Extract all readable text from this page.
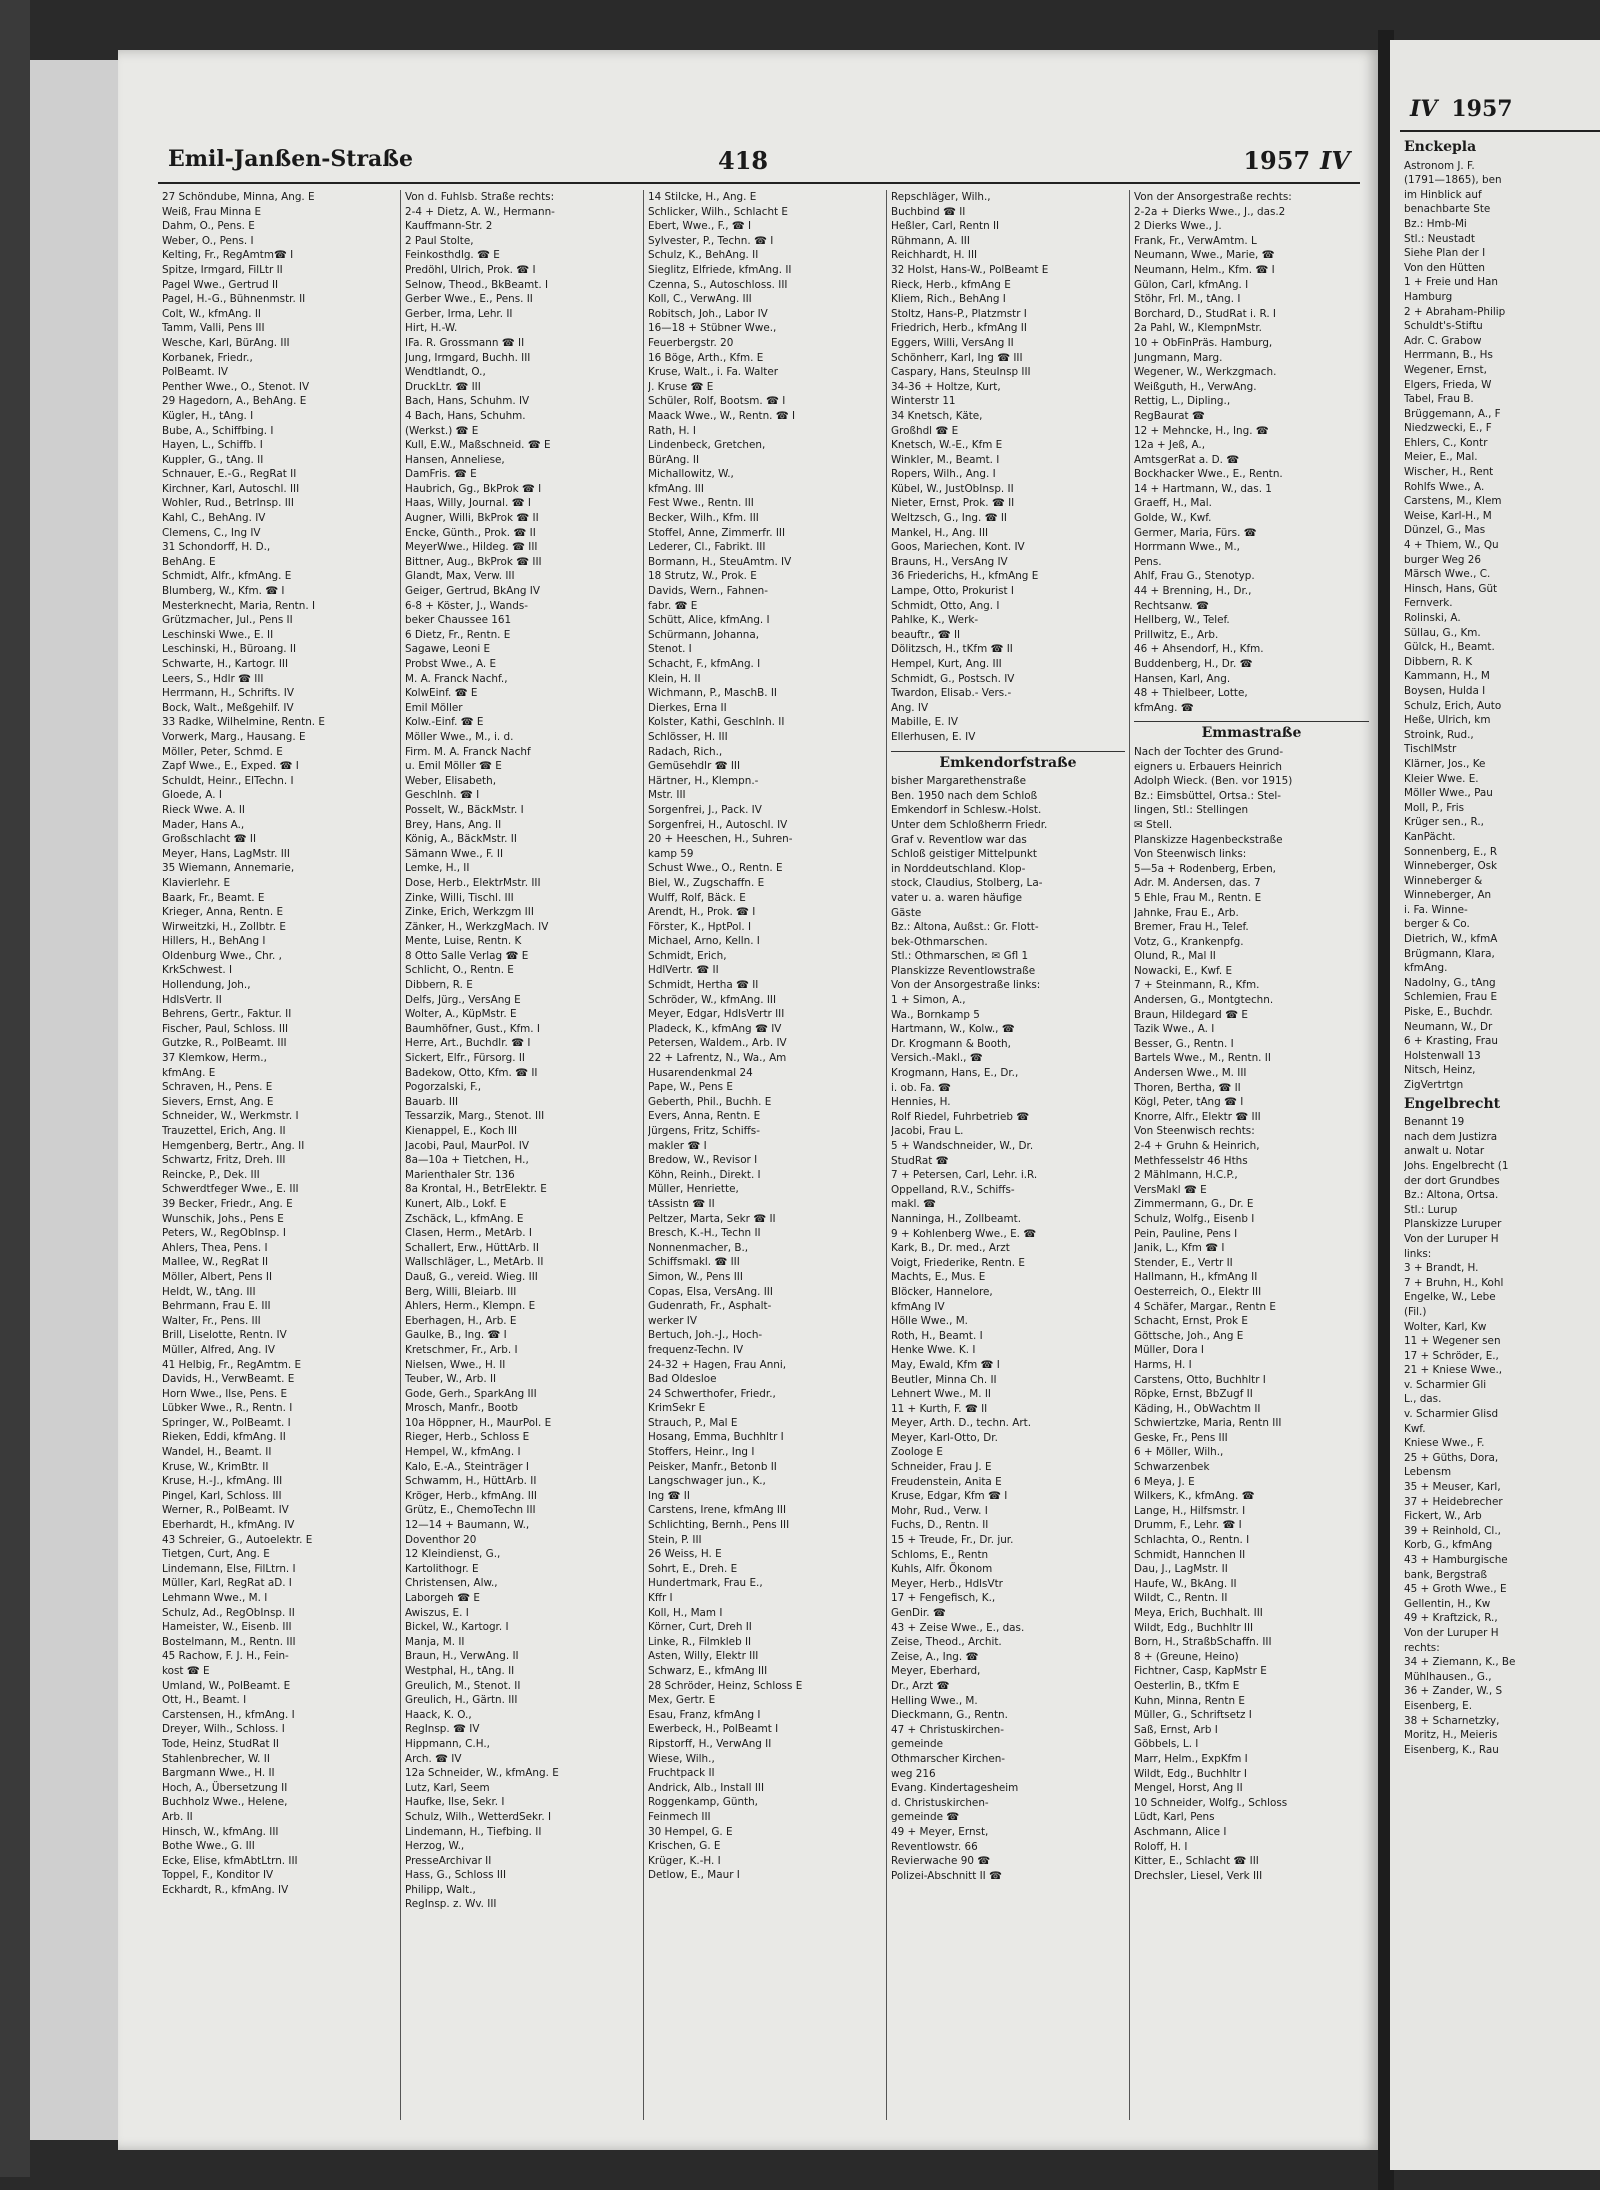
Emil-Janßen-Straße	418	1957 IV
27 Schöndube, Minna, Ang. E
Weiß, Frau Minna E
Dahm, O., Pens. E
Weber, O., Pens. I
Kelting, Fr., RegAmtm☎ I
Spitze, Irmgard, FilLtr II
Pagel Wwe., Gertrud II
Pagel, H.-G., Bühnenmstr. II
Colt, W., kfmAng. II
Tamm, Valli, Pens III
Wesche, Karl, BürAng. III
Korbanek, Friedr.,
PolBeamt. IV
Penther Wwe., O., Stenot. IV
29 Hagedorn, A., BehAng. E
Kügler, H., tAng. I
Bube, A., Schiffbing. I
Hayen, L., Schiffb. I
Kuppler, G., tAng. II
Schnauer, E.-G., RegRat II
Kirchner, Karl, Autoschl. III
Wohler, Rud., BetrInsp. III
Kahl, C., BehAng. IV
Clemens, C., Ing IV
31 Schondorff, H. D.,
BehAng. E
Schmidt, Alfr., kfmAng. E
Blumberg, W., Kfm. ☎ I
Mesterknecht, Maria, Rentn. I
Grützmacher, Jul., Pens II
Leschinski Wwe., E. II
Leschinski, H., Büroang. II
Schwarte, H., Kartogr. III
Leers, S., Hdlr ☎ III
Herrmann, H., Schrifts. IV
Bock, Walt., Meßgehilf. IV
33 Radke, Wilhelmine, Rentn. E
Vorwerk, Marg., Hausang. E
Möller, Peter, Schmd. E
Zapf Wwe., E., Exped. ☎ I
Schuldt, Heinr., ElTechn. I
Gloede, A. I
Rieck Wwe. A. II
Mader, Hans A.,
Großschlacht ☎ II
Meyer, Hans, LagMstr. III
35 Wiemann, Annemarie,
Klavierlehr. E
Baark, Fr., Beamt. E
Krieger, Anna, Rentn. E
Wirweitzki, H., Zollbtr. E
Hillers, H., BehAng I
Oldenburg Wwe., Chr. ,
KrkSchwest. I
Hollendung, Joh.,
HdlsVertr. II
Behrens, Gertr., Faktur. II
Fischer, Paul, Schloss. III
Gutzke, R., PolBeamt. III
37 Klemkow, Herm.,
kfmAng. E
Schraven, H., Pens. E
Sievers, Ernst, Ang. E
Schneider, W., Werkmstr. I
Trauzettel, Erich, Ang. II
Hemgenberg, Bertr., Ang. II
Schwartz, Fritz, Dreh. III
Reincke, P., Dek. III
Schwerdtfeger Wwe., E. III
39 Becker, Friedr., Ang. E
Wunschik, Johs., Pens E
Peters, W., RegObInsp. I
Ahlers, Thea, Pens. I
Mallee, W., RegRat II
Möller, Albert, Pens II
Heldt, W., tAng. III
Behrmann, Frau E. III
Walter, Fr., Pens. III
Brill, Liselotte, Rentn. IV
Müller, Alfred, Ang. IV
41 Helbig, Fr., RegAmtm. E
Davids, H., VerwBeamt. E
Horn Wwe., Ilse, Pens. E
Lübker Wwe., R., Rentn. I
Springer, W., PolBeamt. I
Rieken, Eddi, kfmAng. II
Wandel, H., Beamt. II
Kruse, W., KrimBtr. II
Kruse, H.-J., kfmAng. III
Pingel, Karl, Schloss. III
Werner, R., PolBeamt. IV
Eberhardt, H., kfmAng. IV
43 Schreier, G., Autoelektr. E
Tietgen, Curt, Ang. E
Lindemann, Else, FilLtrn. I
Müller, Karl, RegRat aD. I
Lehmann Wwe., M. I
Schulz, Ad., RegObInsp. II
Hameister, W., Eisenb. III
Bostelmann, M., Rentn. III
45 Rachow, F. J. H., Fein-
kost ☎ E
Umland, W., PolBeamt. E
Ott, H., Beamt. I
Carstensen, H., kfmAng. I
Dreyer, Wilh., Schloss. I
Tode, Heinz, StudRat II
Stahlenbrecher, W. II
Bargmann Wwe., H. II
Hoch, A., Übersetzung II
Buchholz Wwe., Helene,
Arb. II
Hinsch, W., kfmAng. III
Bothe Wwe., G. III
Ecke, Elise, kfmAbtLtrn. III
Toppel, F., Konditor IV
Eckhardt, R., kfmAng. IV
Von d. Fuhlsb. Straße rechts:
2-4 + Dietz, A. W., Hermann-
Kauffmann-Str. 2
2 Paul Stolte,
Feinkosthdlg. ☎ E
Predöhl, Ulrich, Prok. ☎ I
Selnow, Theod., BkBeamt. I
Gerber Wwe., E., Pens. II
Gerber, Irma, Lehr. II
Hirt, H.-W.
IFa. R. Grossmann ☎ II
Jung, Irmgard, Buchh. III
Wendtlandt, O.,
DruckLtr. ☎ III
Bach, Hans, Schuhm. IV
4 Bach, Hans, Schuhm.
(Werkst.) ☎ E
Kull, E.W., Maßschneid. ☎ E
Hansen, Anneliese,
DamFris. ☎ E
Haubrich, Gg., BkProk ☎ I
Haas, Willy, Journal. ☎ I
Augner, Willi, BkProk ☎ II
Encke, Günth., Prok. ☎ II
MeyerWwe., Hildeg. ☎ III
Bittner, Aug., BkProk ☎ III
Glandt, Max, Verw. III
Geiger, Gertrud, BkAng IV
6-8 + Köster, J., Wands-
beker Chaussee 161
6 Dietz, Fr., Rentn. E
Sagawe, Leoni E
Probst Wwe., A. E
M. A. Franck Nachf.,
KolwEinf. ☎ E
Emil Möller
Kolw.-Einf. ☎ E
Möller Wwe., M., i. d.
Firm. M. A. Franck Nachf
u. Emil Möller ☎ E
Weber, Elisabeth,
Geschlnh. ☎ I
Posselt, W., BäckMstr. I
Brey, Hans, Ang. II
König, A., BäckMstr. II
Sämann Wwe., F. II
Lemke, H., II
Dose, Herb., ElektrMstr. III
Zinke, Willi, Tischl. III
Zinke, Erich, Werkzgm III
Zänker, H., WerkzgMach. IV
Mente, Luise, Rentn. K
8 Otto Salle Verlag ☎ E
Schlicht, O., Rentn. E
Dibbern, R. E
Delfs, Jürg., VersAng E
Wolter, A., KüpMstr. E
Baumhöfner, Gust., Kfm. I
Herre, Art., Buchdlr. ☎ I
Sickert, Elfr., Fürsorg. II
Badekow, Otto, Kfm. ☎ II
Pogorzalski, F.,
Bauarb. III
Tessarzik, Marg., Stenot. III
Kienappel, E., Koch III
Jacobi, Paul, MaurPol. IV
8a—10a + Tietchen, H.,
Marienthaler Str. 136
8a Krontal, H., BetrElektr. E
Kunert, Alb., Lokf. E
Zschäck, L., kfmAng. E
Clasen, Herm., MetArb. I
Schallert, Erw., HüttArb. II
Wallschläger, L., MetArb. II
Dauß, G., vereid. Wieg. III
Berg, Willi, Bleiarb. III
Ahlers, Herm., Klempn. E
Eberhagen, H., Arb. E
Gaulke, B., Ing. ☎ I
Kretschmer, Fr., Arb. I
Nielsen, Wwe., H. II
Teuber, W., Arb. II
Gode, Gerh., SparkAng III
Mrosch, Manfr., Bootb
10a Höppner, H., MaurPol. E
Rieger, Herb., Schloss E
Hempel, W., kfmAng. I
Kalo, E.-A., Steinträger I
Schwamm, H., HüttArb. II
Kröger, Herb., kfmAng. III
Grütz, E., ChemoTechn III
12—14 + Baumann, W.,
Doventhor 20
12 Kleindienst, G.,
Kartolithogr. E
Christensen, Alw.,
Laborgeh ☎ E
Awiszus, E. I
Bickel, W., Kartogr. I
Manja, M. II
Braun, H., VerwAng. II
Westphal, H., tAng. II
Greulich, M., Stenot. II
Greulich, H., Gärtn. III
Haack, K. O.,
RegInsp. ☎ IV
Hippmann, C.H.,
Arch. ☎ IV
12a Schneider, W., kfmAng. E
Lutz, Karl, Seem
Haufke, Ilse, Sekr. I
Schulz, Wilh., WetterdSekr. I
Lindemann, H., Tiefbing. II
Herzog, W.,
PresseArchivar II
Hass, G., Schloss III
Philipp, Walt.,
RegInsp. z. Wv. III
14 Stilcke, H., Ang. E
Schlicker, Wilh., Schlacht E
Ebert, Wwe., F., ☎ I
Sylvester, P., Techn. ☎ I
Schulz, K., BehAng. II
Sieglitz, Elfriede, kfmAng. II
Czenna, S., Autoschloss. III
Koll, C., VerwAng. III
Robitsch, Joh., Labor IV
16—18 + Stübner Wwe.,
Feuerbergstr. 20
16 Böge, Arth., Kfm. E
Kruse, Walt., i. Fa. Walter
J. Kruse ☎ E
Schüler, Rolf, Bootsm. ☎ I
Maack Wwe., W., Rentn. ☎ I
Rath, H. I
Lindenbeck, Gretchen,
BürAng. II
Michallowitz, W.,
kfmAng. III
Fest Wwe., Rentn. III
Becker, Wilh., Kfm. III
Stoffel, Anne, Zimmerfr. III
Lederer, Cl., Fabrikt. III
Bormann, H., SteuAmtm. IV
18 Strutz, W., Prok. E
Davids, Wern., Fahnen-
fabr. ☎ E
Schütt, Alice, kfmAng. I
Schürmann, Johanna,
Stenot. I
Schacht, F., kfmAng. I
Klein, H. II
Wichmann, P., MaschB. II
Dierkes, Erna II
Kolster, Kathi, Geschlnh. II
Schlösser, H. III
Radach, Rich.,
Gemüsehdlr ☎ III
Härtner, H., Klempn.-
Mstr. III
Sorgenfrei, J., Pack. IV
Sorgenfrei, H., Autoschl. IV
20 + Heeschen, H., Suhren-
kamp 59
Schust Wwe., O., Rentn. E
Biel, W., Zugschaffn. E
Wulff, Rolf, Bäck. E
Arendt, H., Prok. ☎ I
Förster, K., HptPol. I
Michael, Arno, Kelln. I
Schmidt, Erich,
HdlVertr. ☎ II
Schmidt, Hertha ☎ II
Schröder, W., kfmAng. III
Meyer, Edgar, HdlsVertr III
Pladeck, K., kfmAng ☎ IV
Petersen, Waldem., Arb. IV
22 + Lafrentz, N., Wa., Am
Husarendenkmal 24
Pape, W., Pens E
Geberth, Phil., Buchh. E
Evers, Anna, Rentn. E
Jürgens, Fritz, Schiffs-
makler ☎ I
Bredow, W., Revisor I
Köhn, Reinh., Direkt. I
Müller, Henriette,
tAssistn ☎ II
Peltzer, Marta, Sekr ☎ II
Bresch, K.-H., Techn II
Nonnenmacher, B.,
Schiffsmakl. ☎ III
Simon, W., Pens III
Copas, Elsa, VersAng. III
Gudenrath, Fr., Asphalt-
werker IV
Bertuch, Joh.-J., Hoch-
frequenz-Techn. IV
24-32 + Hagen, Frau Anni,
Bad Oldesloe
24 Schwerthofer, Friedr.,
KrimSekr E
Strauch, P., Mal E
Hosang, Emma, Buchhltr I
Stoffers, Heinr., Ing I
Peisker, Manfr., Betonb II
Langschwager jun., K.,
Ing ☎ II
Carstens, Irene, kfmAng III
Schlichting, Bernh., Pens III
Stein, P. III
26 Weiss, H. E
Sohrt, E., Dreh. E
Hundertmark, Frau E.,
Kffr I
Koll, H., Mam I
Körner, Curt, Dreh II
Linke, R., Filmkleb II
Asten, Willy, Elektr III
Schwarz, E., kfmAng III
28 Schröder, Heinz, Schloss E
Mex, Gertr. E
Esau, Franz, kfmAng I
Ewerbeck, H., PolBeamt I
Ripstorff, H., VerwAng II
Wiese, Wilh.,
Fruchtpack II
Andrick, Alb., Install III
Roggenkamp, Günth,
Feinmech III
30 Hempel, G. E
Krischen, G. E
Krüger, K.-H. I
Detlow, E., Maur I
Repschläger, Wilh.,
Buchbind ☎ II
Heßler, Carl, Rentn II
Rühmann, A. III
Reichhardt, H. III
32 Holst, Hans-W., PolBeamt E
Rieck, Herb., kfmAng E
Kliem, Rich., BehAng I
Stoltz, Hans-P., Platzmstr I
Friedrich, Herb., kfmAng II
Eggers, Willi, VersAng II
Schönherr, Karl, Ing ☎ III
Caspary, Hans, SteuInsp III
34-36 + Holtze, Kurt,
Winterstr 11
34 Knetsch, Käte,
Großhdl ☎ E
Knetsch, W.-E., Kfm E
Winkler, M., Beamt. I
Ropers, Wilh., Ang. I
Kübel, W., JustObInsp. II
Nieter, Ernst, Prok. ☎ II
Weltzsch, G., Ing. ☎ II
Mankel, H., Ang. III
Goos, Mariechen, Kont. IV
Brauns, H., VersAng IV
36 Friederichs, H., kfmAng E
Lampe, Otto, Prokurist I
Schmidt, Otto, Ang. I
Pahlke, K., Werk-
beauftr., ☎ II
Dölitzsch, H., tKfm ☎ II
Hempel, Kurt, Ang. III
Schmidt, G., Postsch. IV
Twardon, Elisab.- Vers.-
Ang. IV
Mabille, E. IV
Ellerhusen, E. IV
Emkendorfstraße
bisher Margarethenstraße
Ben. 1950 nach dem Schloß
Emkendorf in Schlesw.-Holst.
Unter dem Schloßherrn Friedr.
Graf v. Reventlow war das
Schloß geistiger Mittelpunkt
in Norddeutschland. Klop-
stock, Claudius, Stolberg, La-
vater u. a. waren häufige
Gäste
Bz.: Altona, Außst.: Gr. Flott-
bek-Othmarschen.
Stl.: Othmarschen, ✉ Gfl 1
Planskizze Reventlowstraße
Von der Ansorgestraße links:
1 + Simon, A.,
Wa., Bornkamp 5
Hartmann, W., Kolw., ☎
Dr. Krogmann & Booth,
Versich.-Makl., ☎
Krogmann, Hans, E., Dr.,
i. ob. Fa. ☎
Hennies, H.
Rolf Riedel, Fuhrbetrieb ☎
Jacobi, Frau L.
5 + Wandschneider, W., Dr.
StudRat ☎
7 + Petersen, Carl, Lehr. i.R.
Oppelland, R.V., Schiffs-
makl. ☎
Nanninga, H., Zollbeamt.
9 + Kohlenberg Wwe., E. ☎
Kark, B., Dr. med., Arzt
Voigt, Friederike, Rentn. E
Machts, E., Mus. E
Blöcker, Hannelore,
kfmAng IV
Hölle Wwe., M.
Roth, H., Beamt. I
Henke Wwe. K. I
May, Ewald, Kfm ☎ I
Beutler, Minna Ch. II
Lehnert Wwe., M. II
11 + Kurth, F. ☎ II
Meyer, Arth. D., techn. Art.
Meyer, Karl-Otto, Dr.
Zoologe E
Schneider, Frau J. E
Freudenstein, Anita E
Kruse, Edgar, Kfm ☎ I
Mohr, Rud., Verw. I
Fuchs, D., Rentn. II
15 + Treude, Fr., Dr. jur.
Schloms, E., Rentn
Kuhls, Alfr. Ökonom
Meyer, Herb., HdlsVtr
17 + Fengefisch, K.,
GenDir. ☎
43 + Zeise Wwe., E., das.
Zeise, Theod., Archit.
Zeise, A., Ing. ☎
Meyer, Eberhard,
Dr., Arzt ☎
Helling Wwe., M.
Dieckmann, G., Rentn.
47 + Christuskirchen-
gemeinde
Othmarscher Kirchen-
weg 216
Evang. Kindertagesheim
d. Christuskirchen-
gemeinde ☎
49 + Meyer, Ernst,
Reventlowstr. 66
Revierwache 90 ☎
Polizei-Abschnitt II ☎
Von der Ansorgestraße rechts:
2-2a + Dierks Wwe., J., das.2
2 Dierks Wwe., J.
Frank, Fr., VerwAmtm. L
Neumann, Wwe., Marie, ☎
Neumann, Helm., Kfm. ☎ I
Gülon, Carl, kfmAng. I
Stöhr, Frl. M., tAng. I
Borchard, D., StudRat i. R. I
2a Pahl, W., KlempnMstr.
10 + ObFinPräs. Hamburg,
Jungmann, Marg.
Wegener, W., Werkzgmach.
Weißguth, H., VerwAng.
Rettig, L., Dipling.,
RegBaurat ☎
12 + Mehncke, H., Ing. ☎
12a + Jeß, A.,
AmtsgerRat a. D. ☎
Bockhacker Wwe., E., Rentn.
14 + Hartmann, W., das. 1
Graeff, H., Mal.
Golde, W., Kwf.
Germer, Maria, Fürs. ☎
Horrmann Wwe., M.,
Pens.
Ahlf, Frau G., Stenotyp.
44 + Brenning, H., Dr.,
Rechtsanw. ☎
Hellberg, W., Telef.
Prillwitz, E., Arb.
46 + Ahsendorf, H., Kfm.
Buddenberg, H., Dr. ☎
Hansen, Karl, Ang.
48 + Thielbeer, Lotte,
kfmAng. ☎
Emmastraße
Nach der Tochter des Grund-
eigners u. Erbauers Heinrich
Adolph Wieck. (Ben. vor 1915)
Bz.: Eimsbüttel, Ortsa.: Stel-
lingen, Stl.: Stellingen
✉ Stell.
Planskizze Hagenbeckstraße
Von Steenwisch links:
5—5a + Rodenberg, Erben,
Adr. M. Andersen, das. 7
5 Ehle, Frau M., Rentn. E
Jahnke, Frau E., Arb.
Bremer, Frau H., Telef.
Votz, G., Krankenpfg.
Olund, R., Mal II
Nowacki, E., Kwf. E
7 + Steinmann, R., Kfm.
Andersen, G., Montgtechn.
Braun, Hildegard ☎ E
Tazik Wwe., A. I
Besser, G., Rentn. I
Bartels Wwe., M., Rentn. II
Andersen Wwe., M. III
Thoren, Bertha, ☎ II
Kögl, Peter, tAng ☎ I
Knorre, Alfr., Elektr ☎ III
Von Steenwisch rechts:
2-4 + Gruhn & Heinrich,
Methfesselstr 46 Hths
2 Mählmann, H.C.P.,
VersMakl ☎ E
Zimmermann, G., Dr. E
Schulz, Wolfg., Eisenb I
Pein, Pauline, Pens I
Janik, L., Kfm ☎ I
Stender, E., Vertr II
Hallmann, H., kfmAng II
Oesterreich, O., Elektr III
4 Schäfer, Margar., Rentn E
Schacht, Ernst, Prok E
Göttsche, Joh., Ang E
Müller, Dora I
Harms, H. I
Carstens, Otto, Buchhltr I
Röpke, Ernst, BbZugf II
Käding, H., ObWachtm II
Schwiertzke, Maria, Rentn III
Geske, Fr., Pens III
6 + Möller, Wilh.,
Schwarzenbek
6 Meya, J. E
Wilkers, K., kfmAng. ☎
Lange, H., Hilfsmstr. I
Drumm, F., Lehr. ☎ I
Schlachta, O., Rentn. I
Schmidt, Hannchen II
Dau, J., LagMstr. II
Haufe, W., BkAng. II
Wildt, C., Rentn. II
Meya, Erich, Buchhalt. III
Wildt, Edg., Buchhltr III
Born, H., StraßbSchaffn. III
8 + (Greune, Heino)
Fichtner, Casp, KapMstr E
Oesterlin, B., tKfm E
Kuhn, Minna, Rentn E
Müller, G., Schriftsetz I
Saß, Ernst, Arb I
Göbbels, L. I
Marr, Helm., ExpKfm I
Wildt, Edg., Buchhltr I
Mengel, Horst, Ang II
10 Schneider, Wolfg., Schloss
Lüdt, Karl, Pens
Aschmann, Alice I
Roloff, H. I
Kitter, E., Schlacht ☎ III
Drechsler, Liesel, Verk III
IV 1957
Enckepla
Astronom J. F.
(1791—1865), ben
im Hinblick auf
benachbarte Ste
Bz.: Hmb-Mi
Stl.: Neustadt
Siehe Plan der I
Von den Hütten
1 + Freie und Han
Hamburg
2 + Abraham-Philip
Schuldt's-Stiftu
Adr. C. Grabow
Herrmann, B., Hs
Wegener, Ernst,
Elgers, Frieda, W
Tabel, Frau B.
Brüggemann, A., F
Niedzwecki, E., F
Ehlers, C., Kontr
Meier, E., Mal.
Wischer, H., Rent
Rohlfs Wwe., A.
Carstens, M., Klem
Weise, Karl-H., M
Dünzel, G., Mas
4 + Thiem, W., Qu
burger Weg 26
Märsch Wwe., C.
Hinsch, Hans, Güt
Fernverk.
Rolinski, A.
Süllau, G., Km.
Gülck, H., Beamt.
Dibbern, R. K
Kammann, H., M
Boysen, Hulda I
Schulz, Erich, Auto
Heße, Ulrich, km
Stroink, Rud.,
TischlMstr
Klärner, Jos., Ke
Kleier Wwe. E.
Möller Wwe., Pau
Moll, P., Fris
Krüger sen., R.,
KanPächt.
Sonnenberg, E., R
Winneberger, Osk
Winneberger &
Winneberger, An
i. Fa. Winne-
berger & Co.
Dietrich, W., kfmA
Brügmann, Klara,
kfmAng.
Nadolny, G., tAng
Schlemien, Frau E
Piske, E., Buchdr.
Neumann, W., Dr
6 + Krasting, Frau
Holstenwall 13
Nitsch, Heinz,
ZigVertrtgn
Engelbrecht
Benannt 19
nach dem Justizra
anwalt u. Notar
Johs. Engelbrecht (1
der dort Grundbes
Bz.: Altona, Ortsa.
Stl.: Lurup
Planskizze Luruper
Von der Luruper H
links:
3 + Brandt, H.
7 + Bruhn, H., Kohl
Engelke, W., Lebe
(Fil.)
Wolter, Karl, Kw
11 + Wegener sen
17 + Schröder, E.,
21 + Kniese Wwe.,
v. Scharmier Gli
L., das.
v. Scharmier Glisd
Kwf.
Kniese Wwe., F.
25 + Güths, Dora,
Lebensm
35 + Meuser, Karl,
37 + Heidebrecher
Fickert, W., Arb
39 + Reinhold, Cl.,
Korb, G., kfmAng
43 + Hamburgische
bank, Bergstraß
45 + Groth Wwe., E
Gellentin, H., Kw
49 + Kraftzick, R.,
Von der Luruper H
rechts:
34 + Ziemann, K., Be
Mühlhausen., G.,
36 + Zander, W., S
Eisenberg, E.
38 + Scharnetzky,
Moritz, H., Meieris
Eisenberg, K., Rau
